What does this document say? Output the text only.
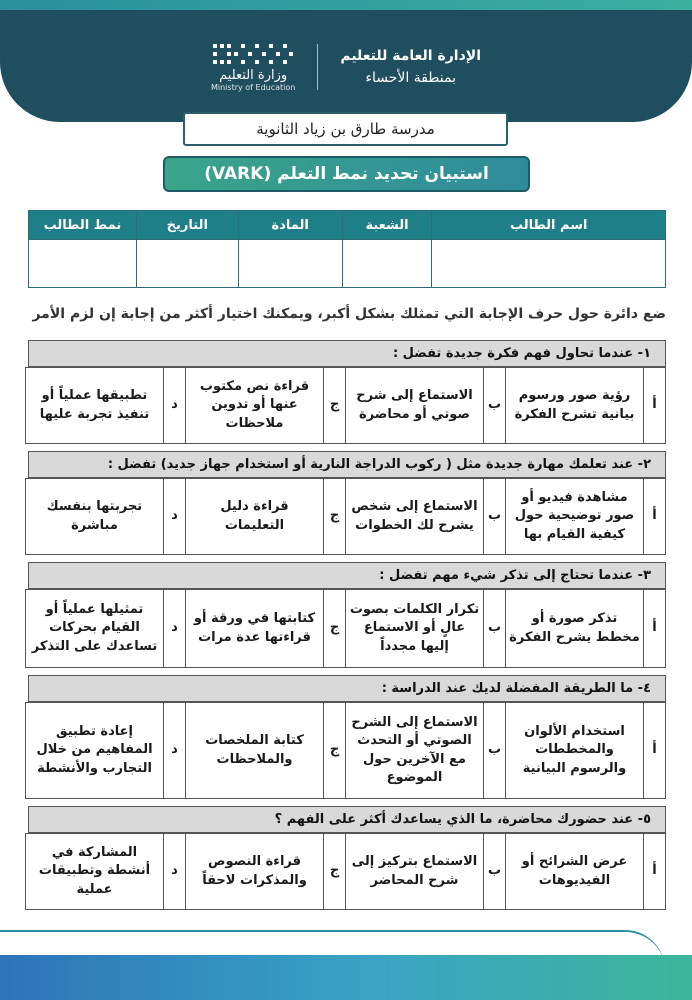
وزارة التعليم
Ministry of Education
الإدارة العامة للتعليم
بمنطقة الأحساء
مدرسة طارق بن زياد الثانوية
استبيان تحديد نمط التعلم (VARK)
اسم الطالب	الشعبة	المادة	التاريخ	نمط الطالب

ضع دائرة حول حرف الإجابة التي تمثلك بشكل أكبر، ويمكنك اختيار أكثر من إجابة إن لزم الأمر
١- عندما تحاول فهم فكرة جديدة تفضل :
أ	رؤية صور ورسوم بيانية تشرح الفكرة	ب	الاستماع إلى شرح صوتي أو محاضرة	ج	قراءة نص مكتوب عنها أو تدوين ملاحظات	د	تطبيقها عملياً أو تنفيذ تجربة عليها
٢- عند تعلمك مهارة جديدة مثل ( ركوب الدراجة النارية أو استخدام جهاز جديد) تفضل :
أ	مشاهدة فيديو أو صور توضيحية حول كيفية القيام بها	ب	الاستماع إلى شخص يشرح لك الخطوات	ج	قراءة دليل التعليمات	د	تجربتها بنفسك مباشرة
٣- عندما تحتاج إلى تذكر شيء مهم تفضل :
أ	تذكر صورة أو مخطط يشرح الفكرة	ب	تكرار الكلمات بصوت عالٍ أو الاستماع إليها مجدداً	ج	كتابتها في ورقة أو قراءتها عدة مرات	د	تمثيلها عملياً أو القيام بحركات تساعدك على التذكر
٤- ما الطريقة المفضلة لديك عند الدراسة :
أ	استخدام الألوان والمخططات والرسوم البيانية	ب	الاستماع إلى الشرح الصوتي أو التحدث مع الآخرين حول الموضوع	ج	كتابة الملخصات والملاحظات	د	إعادة تطبيق المفاهيم من خلال التجارب والأنشطة
٥- عند حضورك محاضرة، ما الذي يساعدك أكثر على الفهم ؟
أ	عرض الشرائح أو الفيديوهات	ب	الاستماع بتركيز إلى شرح المحاضر	ج	قراءة النصوص والمذكرات لاحقاً	د	المشاركة في أنشطة وتطبيقات عملية
